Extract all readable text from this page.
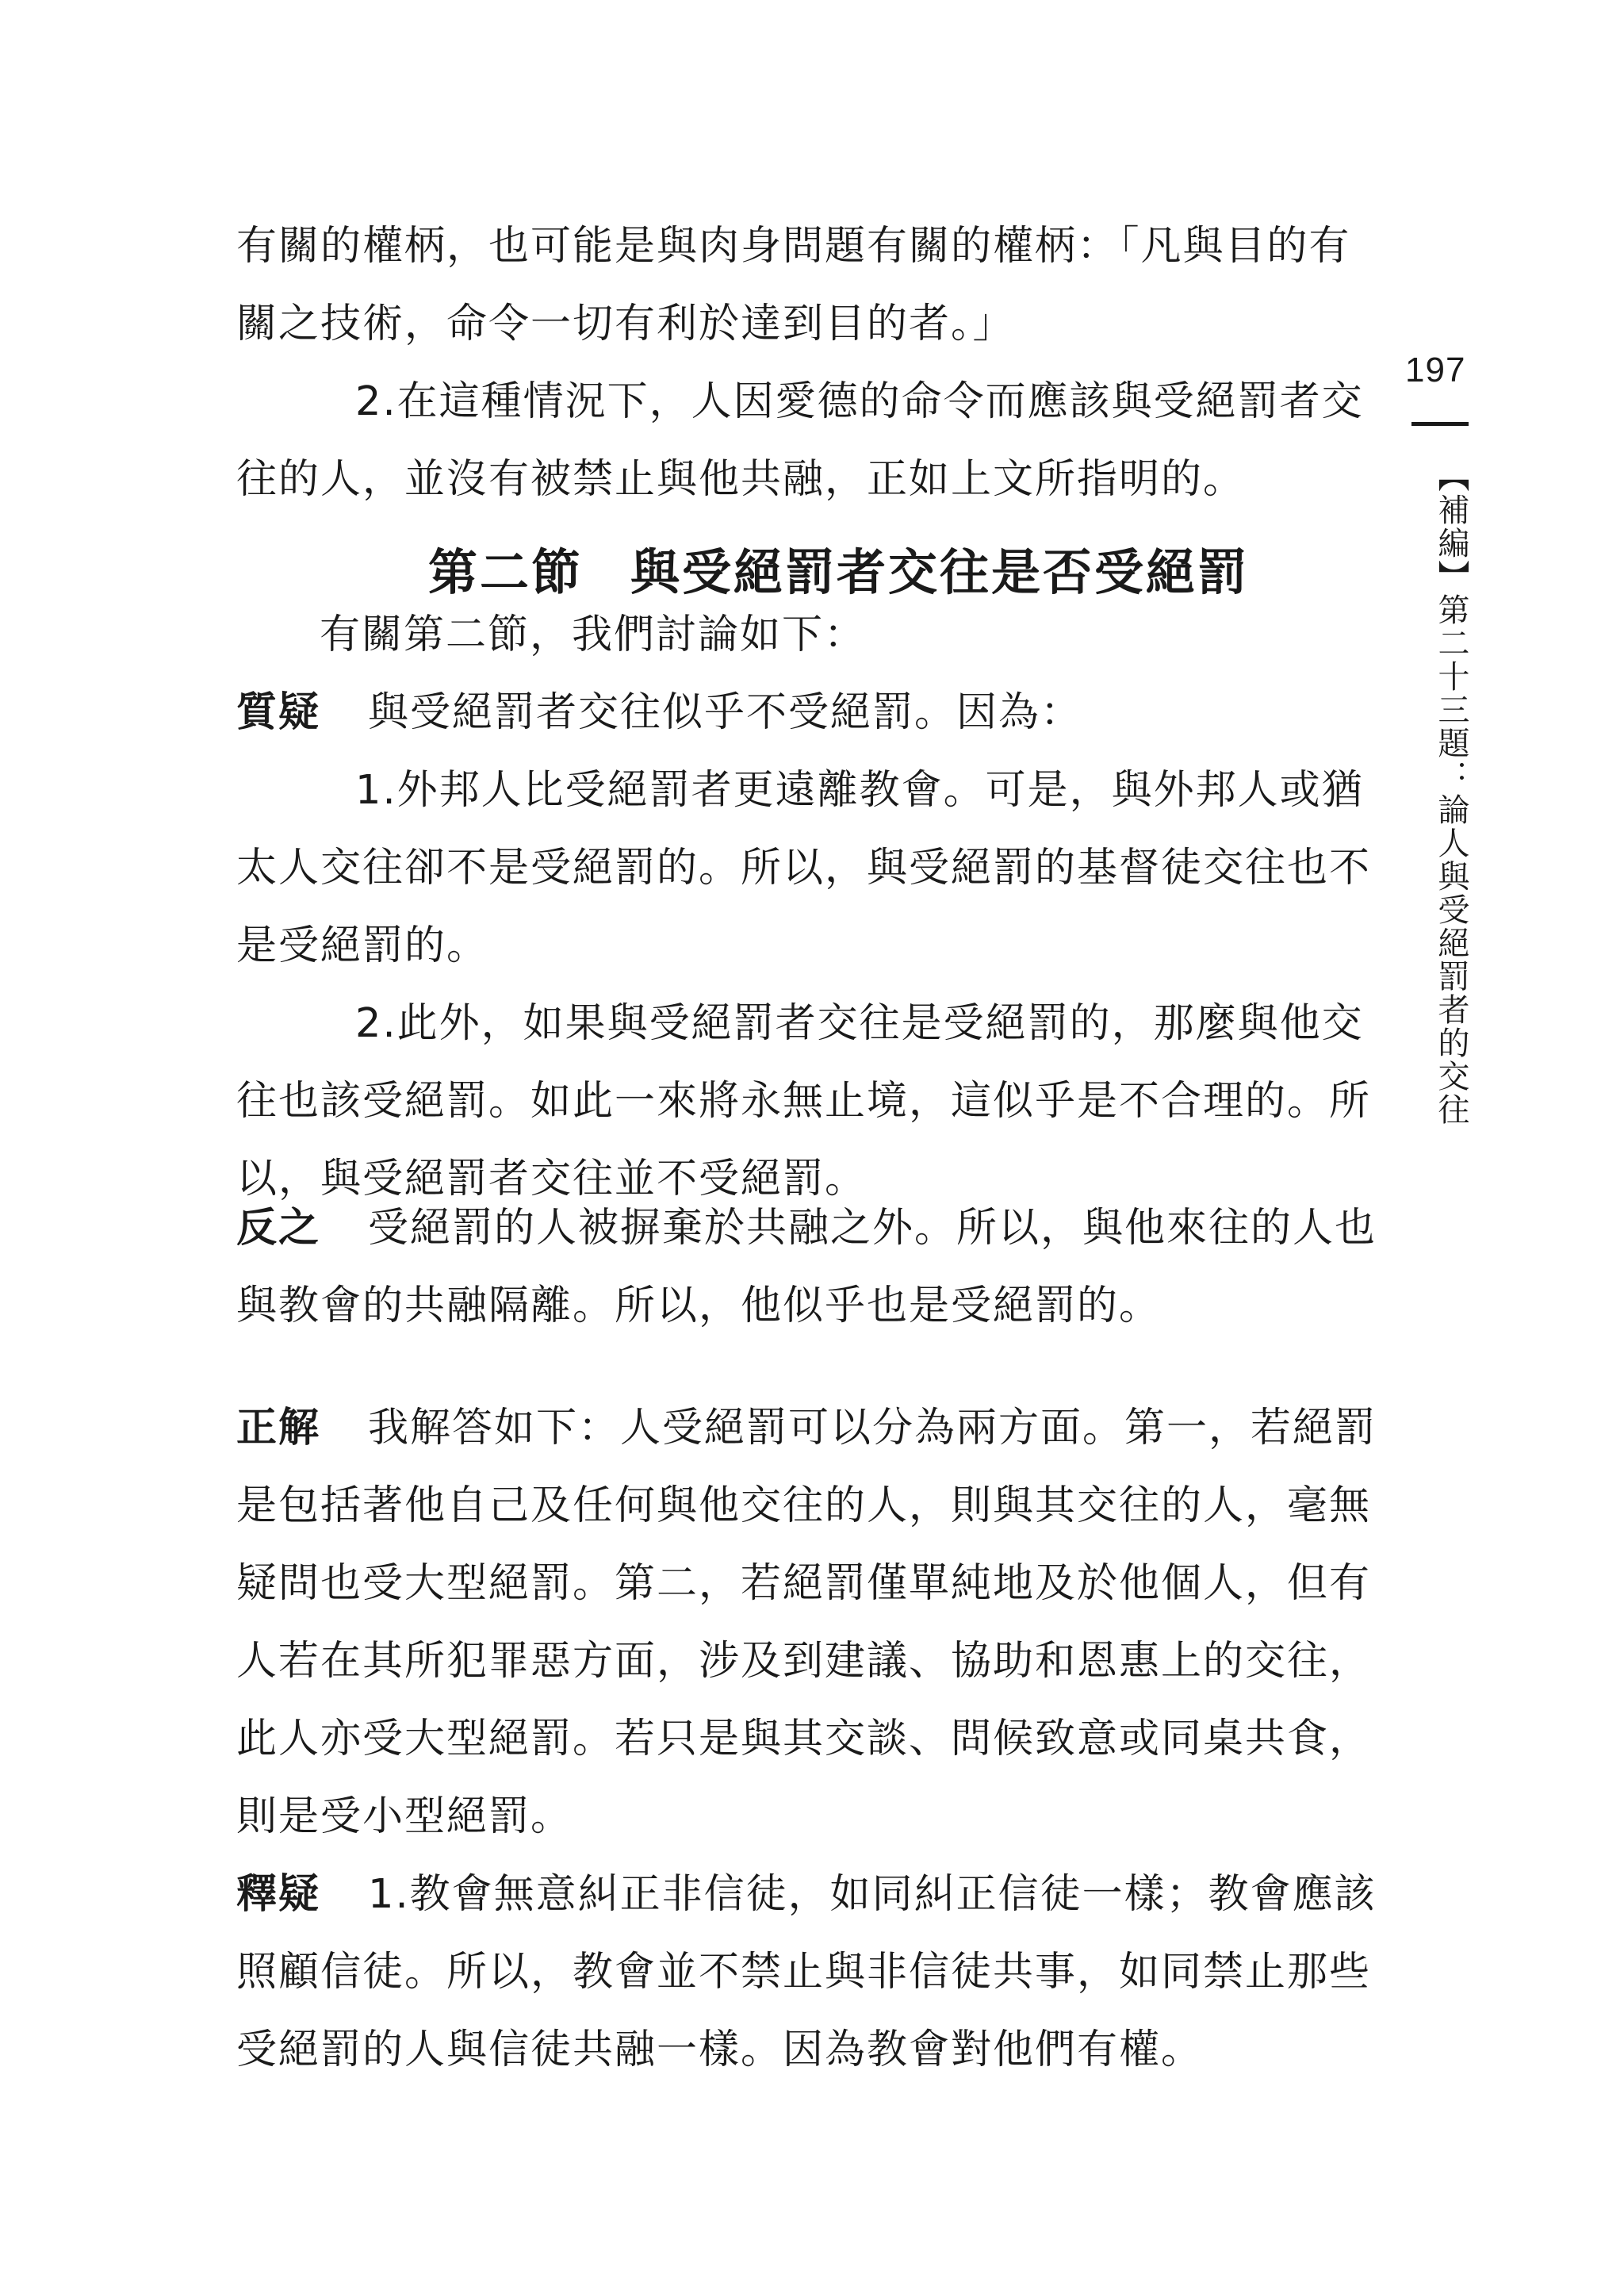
有關的權柄，也可能是與肉身問題有關的權柄：「凡與目的有
關之技術，命令一切有利於達到目的者。」
2.在這種情況下，人因愛德的命令而應該與受絕罰者交
往的人，並沒有被禁止與他共融，正如上文所指明的。
第二節 與受絕罰者交往是否受絕罰
有關第二節，我們討論如下：
質疑 與受絕罰者交往似乎不受絕罰。因為：
1.外邦人比受絕罰者更遠離教會。可是，與外邦人或猶
太人交往卻不是受絕罰的。所以，與受絕罰的基督徒交往也不
是受絕罰的。
2.此外，如果與受絕罰者交往是受絕罰的，那麼與他交
往也該受絕罰。如此一來將永無止境，這似乎是不合理的。所
以，與受絕罰者交往並不受絕罰。
反之 受絕罰的人被摒棄於共融之外。所以，與他來往的人也
與教會的共融隔離。所以，他似乎也是受絕罰的。
正解 我解答如下：人受絕罰可以分為兩方面。第一，若絕罰
是包括著他自己及任何與他交往的人，則與其交往的人，毫無
疑問也受大型絕罰。第二，若絕罰僅單純地及於他個人，但有
人若在其所犯罪惡方面，涉及到建議、協助和恩惠上的交往，
此人亦受大型絕罰。若只是與其交談、問候致意或同桌共食，
則是受小型絕罰。
釋疑 1.教會無意糾正非信徒，如同糾正信徒一樣；教會應該
照顧信徒。所以，教會並不禁止與非信徒共事，如同禁止那些
受絕罰的人與信徒共融一樣。因為教會對他們有權。
197
【補編】第二十三題：論人與受絕罰者的交往
